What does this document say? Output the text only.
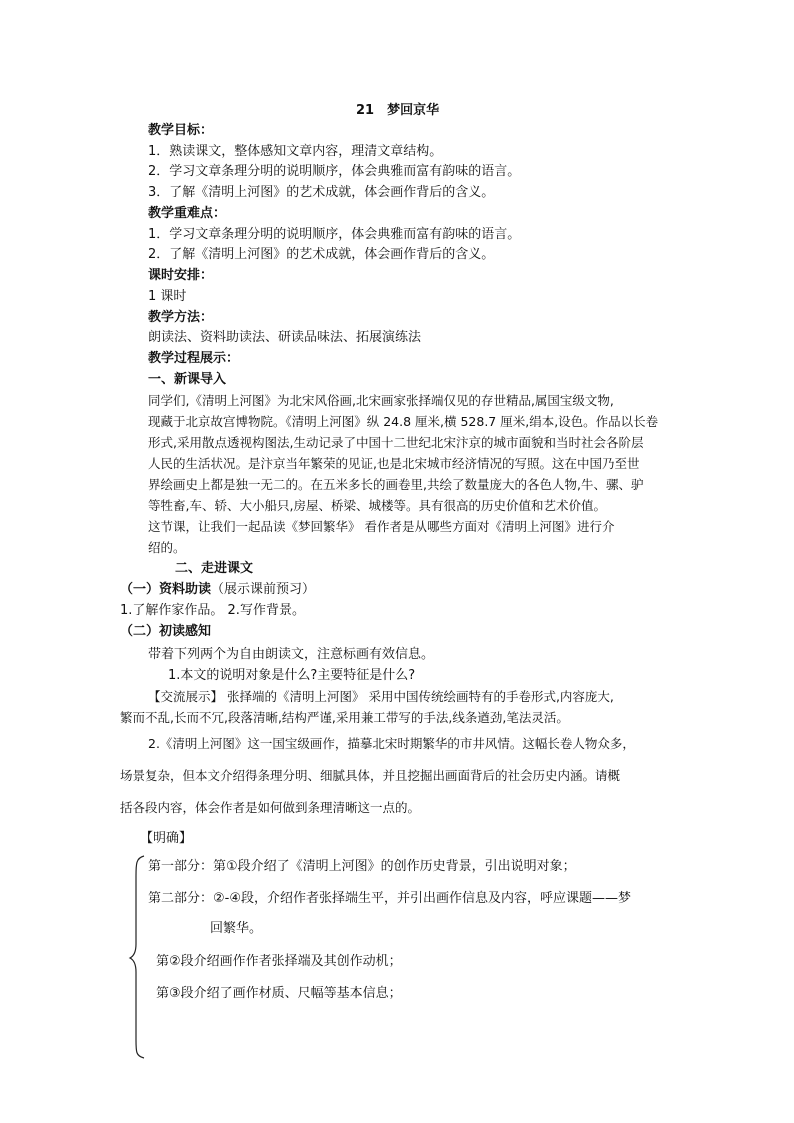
21　梦回京华
教学目标：
1．熟读课文，整体感知文章内容，理清文章结构。
2．学习文章条理分明的说明顺序，体会典雅而富有韵味的语言。
3．了解《清明上河图》的艺术成就，体会画作背后的含义。
教学重难点：
1．学习文章条理分明的说明顺序，体会典雅而富有韵味的语言。
2．了解《清明上河图》的艺术成就，体会画作背后的含义。
课时安排：
1 课时
教学方法：
朗读法、资料助读法、研读品味法、拓展演练法
教学过程展示：
一、新课导入
同学们,《清明上河图》为北宋风俗画,北宋画家张择端仅见的存世精品,属国宝级文物,
现藏于北京故宫博物院。《清明上河图》纵 24.8 厘米,横 528.7 厘米,绢本,设色。作品以长卷
形式,采用散点透视构图法,生动记录了中国十二世纪北宋汴京的城市面貌和当时社会各阶层
人民的生活状况。是汴京当年繁荣的见证,也是北宋城市经济情况的写照。这在中国乃至世
界绘画史上都是独一无二的。在五米多长的画卷里,共绘了数量庞大的各色人物,牛、骡、驴
等牲畜,车、轿、大小船只,房屋、桥梁、城楼等。具有很高的历史价值和艺术价值。
这节课，让我们一起品读《梦回繁华》 看作者是从哪些方面对《清明上河图》进行介
绍的。
二、走进课文
（一）资料助读（展示课前预习）
1.了解作家作品。 2.写作背景。
（二）初读感知
带着下列两个为自由朗读文，注意标画有效信息。
1.本文的说明对象是什么?主要特征是什么?
【交流展示】 张择端的《清明上河图》 采用中国传统绘画特有的手卷形式,内容庞大,
繁而不乱,长而不冗,段落清晰,结构严谨,采用兼工带写的手法,线条遒劲,笔法灵活。
2.《清明上河图》这一国宝级画作，描摹北宋时期繁华的市井风情。这幅长卷人物众多，
场景复杂，但本文介绍得条理分明、细腻具体，并且挖掘出画面背后的社会历史内涵。请概
括各段内容，体会作者是如何做到条理清晰这一点的。
【明确】
第一部分：第①段介绍了《清明上河图》的创作历史背景，引出说明对象；
第二部分：②-④段，介绍作者张择端生平，并引出画作信息及内容，呼应课题——梦
回繁华。
第②段介绍画作作者张择端及其创作动机；
第③段介绍了画作材质、尺幅等基本信息；
